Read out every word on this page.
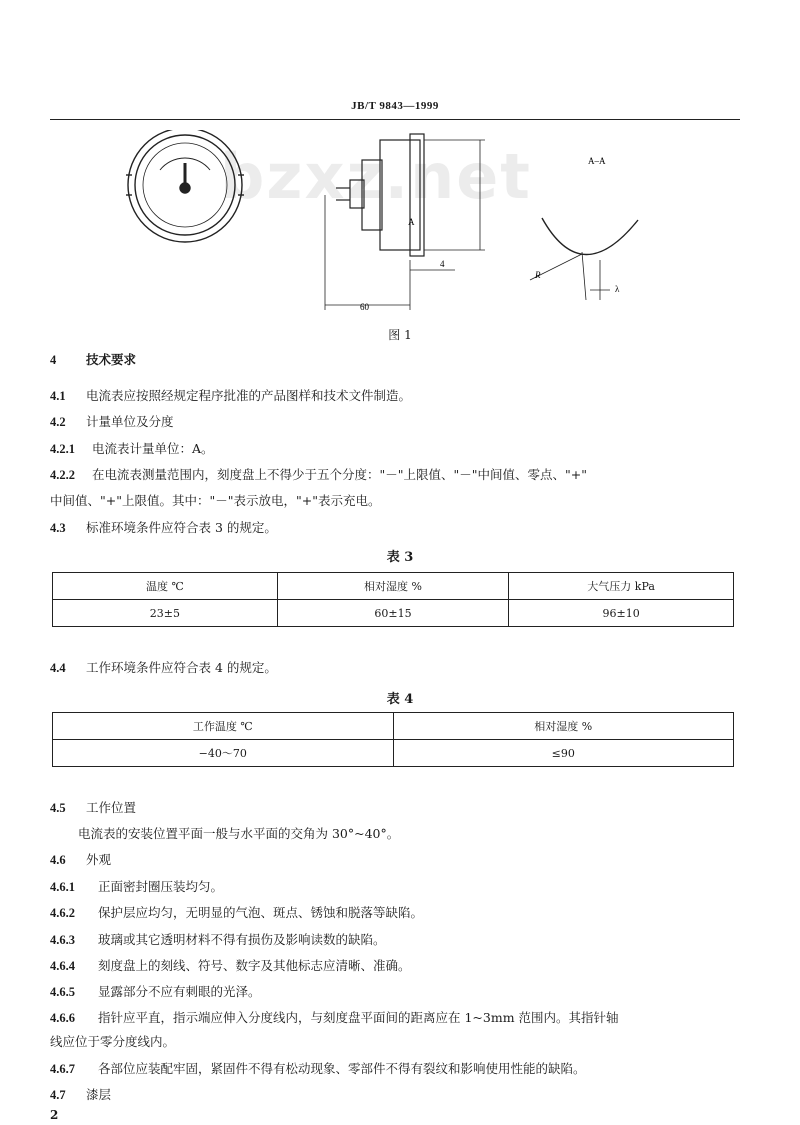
JB/T 9843—1999
bzxz.net
60
4
A
A–A
R
λ
图 1
4 技术要求
4.1 电流表应按照经规定程序批准的产品图样和技术文件制造。
4.2 计量单位及分度
4.2.1 电流表计量单位：A。
4.2.2 在电流表测量范围内，刻度盘上不得少于五个分度："－"上限值、"－"中间值、零点、"+"
中间值、"+"上限值。其中："－"表示放电，"+"表示充电。
4.3 标准环境条件应符合表 3 的规定。
表 3
温度 ℃	相对湿度 %	大气压力 kPa
23±5	60±15	96±10
4.4 工作环境条件应符合表 4 的规定。
表 4
工作温度 ℃	相对湿度 %
−40～70	≤90
4.5 工作位置
电流表的安装位置平面一般与水平面的交角为 30°~40°。
4.6 外观
4.6.1 正面密封圈压装均匀。
4.6.2 保护层应均匀，无明显的气泡、斑点、锈蚀和脱落等缺陷。
4.6.3 玻璃或其它透明材料不得有损伤及影响读数的缺陷。
4.6.4 刻度盘上的刻线、符号、数字及其他标志应清晰、准确。
4.6.5 显露部分不应有刺眼的光泽。
4.6.6 指针应平直，指示端应伸入分度线内，与刻度盘平面间的距离应在 1~3mm 范围内。其指针轴
线应位于零分度线内。
4.6.7 各部位应装配牢固，紧固件不得有松动现象、零部件不得有裂纹和影响使用性能的缺陷。
4.7 漆层
2
